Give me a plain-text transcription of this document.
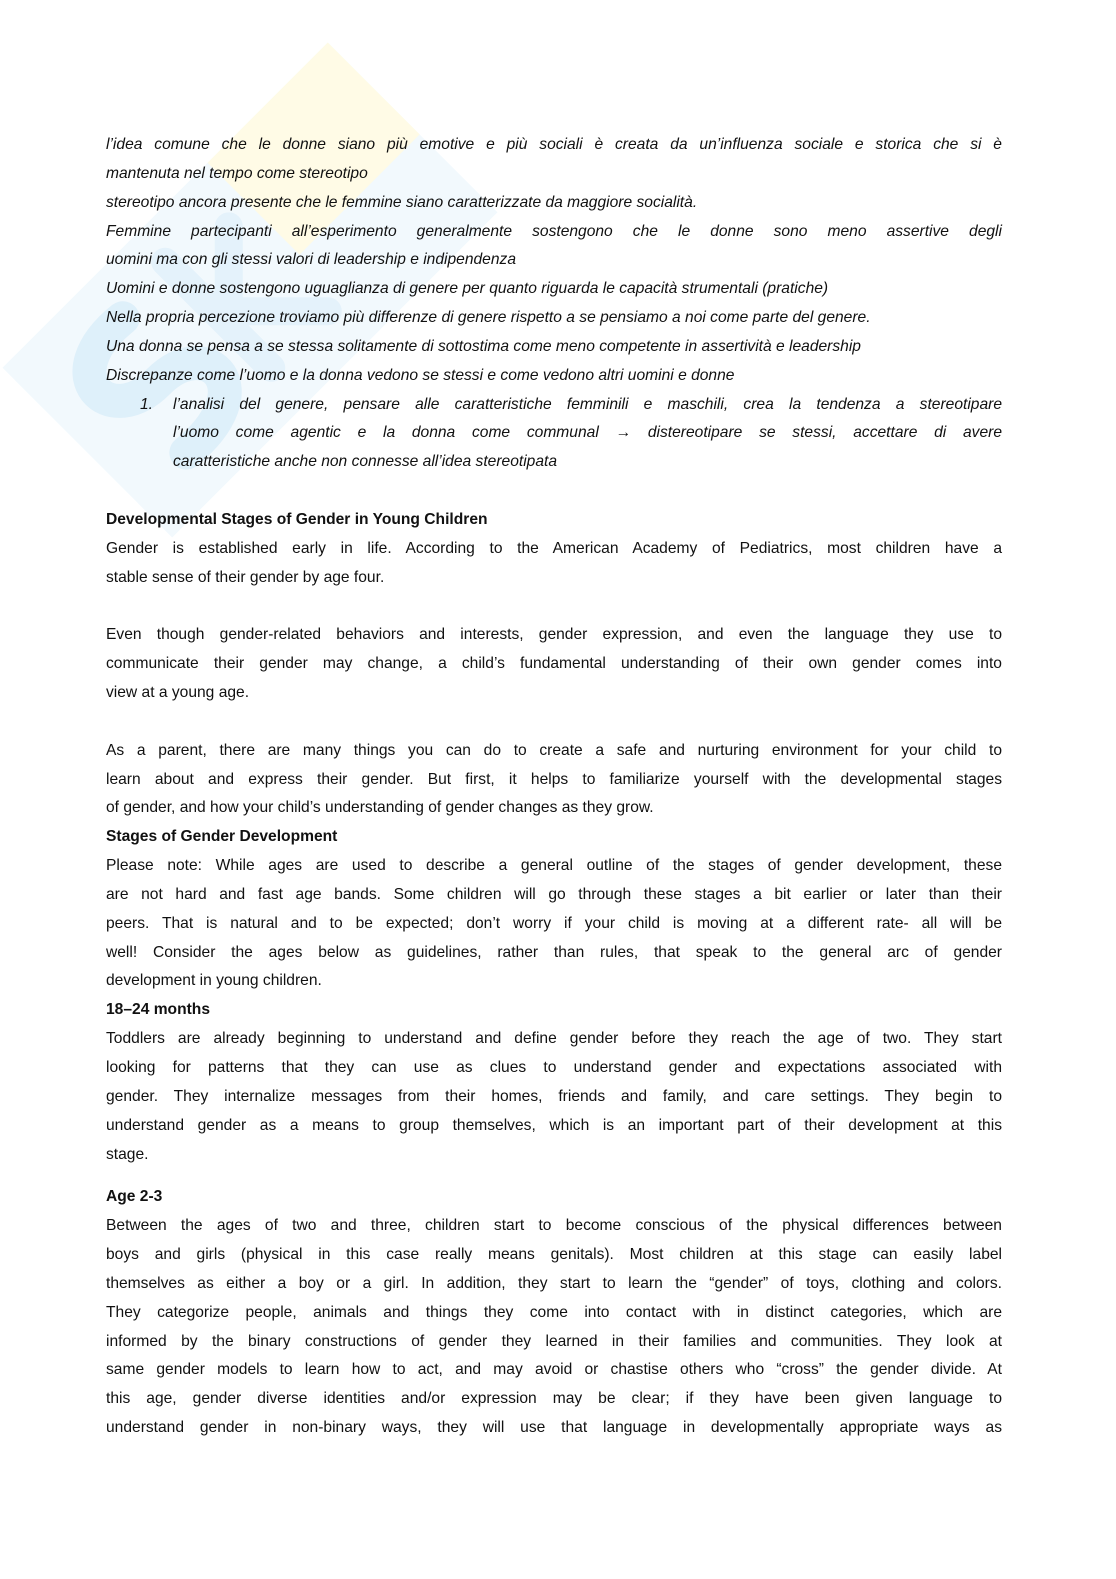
l’idea comune che le donne siano più emotive e più sociali è creata da un’influenza sociale e storica che si è
mantenuta nel tempo come stereotipo

stereotipo ancora presente che le femmine siano caratterizzate da maggiore socialità.

Femmine partecipanti all’esperimento generalmente sostengono che le donne sono meno assertive degli
uomini ma con gli stessi valori di leadership e indipendenza

Uomini e donne sostengono uguaglianza di genere per quanto riguarda le capacità strumentali (pratiche)

Nella propria percezione troviamo più differenze di genere rispetto a se pensiamo a noi come parte del genere.

Una donna se pensa a se stessa solitamente di sottostima come meno competente in assertività e leadership

Discrepanze come l’uomo e la donna vedono se stessi e come vedono altri uomini e donne

1. l’analisi del genere, pensare alle caratteristiche femminili e maschili, crea la tendenza a stereotipare
l’uomo come agentic e la donna come communal → distereotipare se stessi, accettare di avere
caratteristiche anche non connesse all’idea stereotipata
Developmental Stages of Gender in Young Children

Gender is established early in life. According to the American Academy of Pediatrics, most children have a
stable sense of their gender by age four.

Even though gender-related behaviors and interests, gender expression, and even the language they use to
communicate their gender may change, a child’s fundamental understanding of their own gender comes into
view at a young age.

As a parent, there are many things you can do to create a safe and nurturing environment for your child to
learn about and express their gender. But first, it helps to familiarize yourself with the developmental stages
of gender, and how your child’s understanding of gender changes as they grow.

Stages of Gender Development

Please note: While ages are used to describe a general outline of the stages of gender development, these
are not hard and fast age bands. Some children will go through these stages a bit earlier or later than their
peers. That is natural and to be expected; don’t worry if your child is moving at a different rate- all will be
well! Consider the ages below as guidelines, rather than rules, that speak to the general arc of gender
development in young children.

18–24 months

Toddlers are already beginning to understand and define gender before they reach the age of two. They start
looking for patterns that they can use as clues to understand gender and expectations associated with
gender. They internalize messages from their homes, friends and family, and care settings. They begin to
understand gender as a means to group themselves, which is an important part of their development at this
stage.

Age 2-3

Between the ages of two and three, children start to become conscious of the physical differences between
boys and girls (physical in this case really means genitals). Most children at this stage can easily label
themselves as either a boy or a girl. In addition, they start to learn the “gender” of toys, clothing and colors.
They categorize people, animals and things they come into contact with in distinct categories, which are
informed by the binary constructions of gender they learned in their families and communities. They look at
same gender models to learn how to act, and may avoid or chastise others who “cross” the gender divide. At
this age, gender diverse identities and/or expression may be clear; if they have been given language to
understand gender in non-binary ways, they will use that language in developmentally appropriate ways as
